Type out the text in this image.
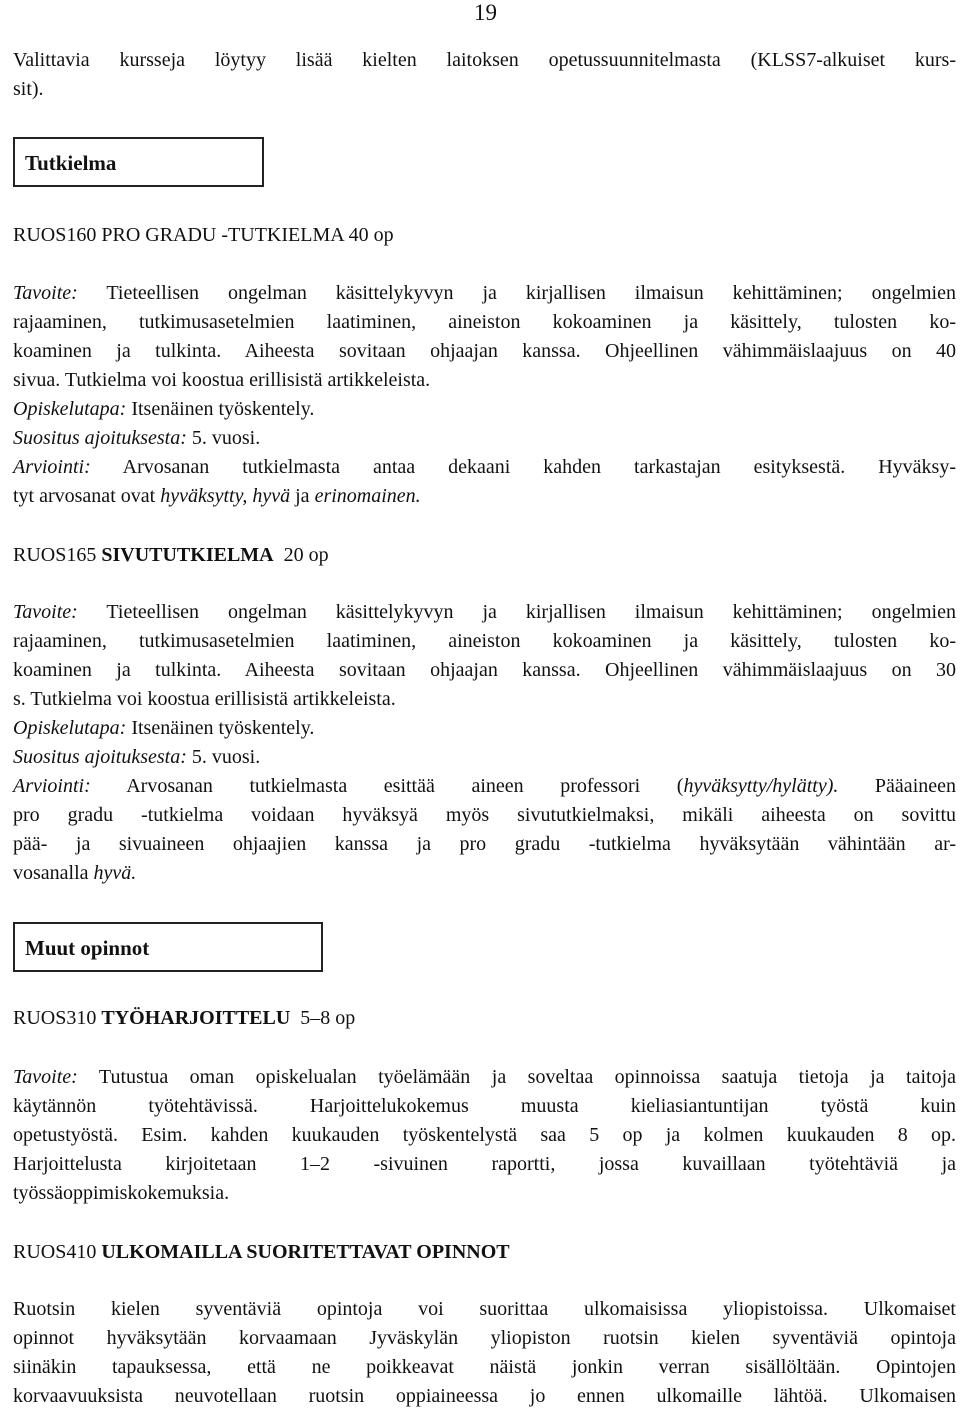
19

Valittavia kursseja löytyy lisää kielten laitoksen opetussuunnitelmasta (KLSS7-alkuiset kurs-
sit).

Tutkielma
RUOS160 PRO GRADU -TUTKIELMA 40 op

Tavoite: Tieteellisen ongelman käsittelykyvyn ja kirjallisen ilmaisun kehittäminen; ongelmien
rajaaminen, tutkimusasetelmien laatiminen, aineiston kokoaminen ja käsittely, tulosten ko-
koaminen ja tulkinta. Aiheesta sovitaan ohjaajan kanssa. Ohjeellinen vähimmäislaajuus on 40
sivua. Tutkielma voi koostua erillisistä artikkeleista.
Opiskelutapa: Itsenäinen työskentely.
Suositus ajoituksesta: 5. vuosi.
Arviointi: Arvosanan tutkielmasta antaa dekaani kahden tarkastajan esityksestä. Hyväksy-
tyt arvosanat ovat hyväksytty, hyvä ja erinomainen.

RUOS165 SIVUTUTKIELMA 20 op

Tavoite: Tieteellisen ongelman käsittelykyvyn ja kirjallisen ilmaisun kehittäminen; ongelmien
rajaaminen, tutkimusasetelmien laatiminen, aineiston kokoaminen ja käsittely, tulosten ko-
koaminen ja tulkinta. Aiheesta sovitaan ohjaajan kanssa. Ohjeellinen vähimmäislaajuus on 30
s. Tutkielma voi koostua erillisistä artikkeleista.
Opiskelutapa: Itsenäinen työskentely.
Suositus ajoituksesta: 5. vuosi.
Arviointi: Arvosanan tutkielmasta esittää aineen professori (hyväksytty/hylätty). Pääaineen
pro gradu -tutkielma voidaan hyväksyä myös sivututkielmaksi, mikäli aiheesta on sovittu
pää- ja sivuaineen ohjaajien kanssa ja pro gradu -tutkielma hyväksytään vähintään ar-
vosanalla hyvä.

Muut opinnot
RUOS310 TYÖHARJOITTELU 5–8 op

Tavoite: Tutustua oman opiskelualan työelämään ja soveltaa opinnoissa saatuja tietoja ja taitoja
käytännön työtehtävissä. Harjoittelukokemus muusta kieliasiantuntijan työstä kuin
opetustyöstä. Esim. kahden kuukauden työskentelystä saa 5 op ja kolmen kuukauden 8 op.
Harjoittelusta kirjoitetaan 1–2 -sivuinen raportti, jossa kuvaillaan työtehtäviä ja
työssäoppimiskokemuksia.

RUOS410 ULKOMAILLA SUORITETTAVAT OPINNOT

Ruotsin kielen syventäviä opintoja voi suorittaa ulkomaisissa yliopistoissa. Ulkomaiset
opinnot hyväksytään korvaamaan Jyväskylän yliopiston ruotsin kielen syventäviä opintoja
siinäkin tapauksessa, että ne poikkeavat näistä jonkin verran sisällöltään. Opintojen
korvaavuuksista neuvotellaan ruotsin oppiaineessa jo ennen ulkomaille lähtöä. Ulkomaisen
